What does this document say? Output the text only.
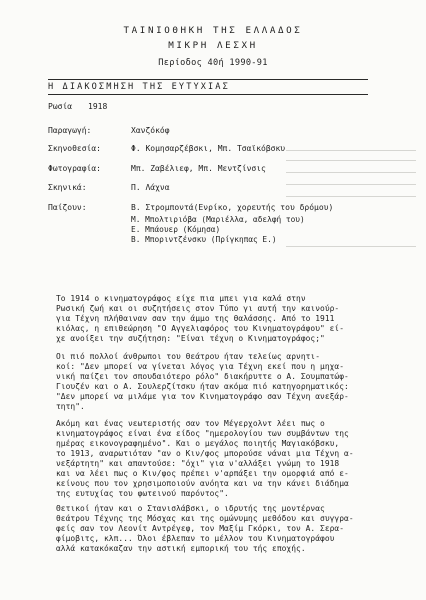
ΤΑΙΝΙΟΘΗΚΗ ΤΗΣ ΕΛΛΑΔΟΣ
ΜΙΚΡΗ ΛΕΣΧΗ
Περίοδος 40ή 1990-91
Η ΔΙΑΚΟΣΜΗΣΗ ΤΗΣ ΕΥΤΥΧΙΑΣ
Ρωσία 1918
Παραγωγή:	Χανζόκόφ
Σκηνοθεσία:	Φ. Κομησαρζέβσκι, Μπ. Τσαϊκόβσκυ
Φωτογραφία:	Μπ. Ζαβέλιεφ, Μπ. Μεντζίνσις
Σκηνικά:	Π. Λάχνα
Παίζουν:	Β. Στρομποντά(Ενρίκο, χορευτής του δρόμου)
Μ. Μπολτιριόβα (Μαριέλλα, αδελφή του)
Ε. Μπάουερ (Κόμησα)
Β. Μποριντζένσκυ (Πρίγκηπας Ε.)
Το 1914 ο κινηματογράφος είχε πια μπει για καλά στην
Ρωσική ζωή και οι συζητήσεις στον Τύπο γι αυτή την καινούρ-
για Τέχνη πλήθαιναν σαν την άμμο της θαλάσσης. Από το 1911
κιόλας, η επιθεώρηση "Ο Αγγελιαφόρος του Κινηματογράφου" εί-
χε ανοίξει την συζήτηση: "Είναι τέχνη ο Κινηματογράφος;"
Οι πιό πολλοί άνθρωποι του θεάτρου ήταν τελείως αρνητι-
κοί: "Δεν μπορεί να γίνεται λόγος για Τέχνη εκεί που η μηχα-
νική παίζει τον σπουδαιότερο ρόλο" διακήρυττε ο Α. Σουμπατώφ-
Γιουζέν και ο Α. Σουλερζίτσκυ ήταν ακόμα πιό κατηγορηματικός:
"Δεν μπορεί να μιλάμε για τον Κινηματογράφο σαν Τέχνη ανεξάρ-
τητη".
Ακόμη και ένας νεωτεριστής σαν τον Μέγερχολντ λέει πως ο
κινηματογράφος είναι ένα είδος "ημερολογίου των συμβάντων της
ημέρας εικονογραφημένο". Και ο μεγάλος ποιητής Μαγιακόβσκυ,
το 1913, αναρωτιόταν "αν ο Κιν/φος μπορούσε νάναι μια Τέχνη α-
νεξάρτητη" και απαντούσε: "όχι" για ν'αλλάξει γνώμη το 1918
και να λέει πως ο Κιν/φος πρέπει ν'αρπάξει την ομορφιά από ε-
κείνους που τον χρησιμοποιούν ανόητα και να την κάνει διάδημα
της ευτυχίας του φωτεινού παρόντος".
Θετικοί ήταν και ο Στανισλάβσκι, ο ιδρυτής της μοντέρνας
θεάτρου Τέχνης της Μόσχας και της ομώνυμης μεθόδου και συγγρα-
φείς σαν τον Λεονίτ Αντρέγεφ, τον Μαξίμ Γκόρκι, τον Α. Σερα-
φίμοβιτς, κλπ... Όλοι έβλεπαν το μέλλον του Κινηματογράφου
αλλά κατακόκαζαν την αστική εμπορική του τής εποχής.
